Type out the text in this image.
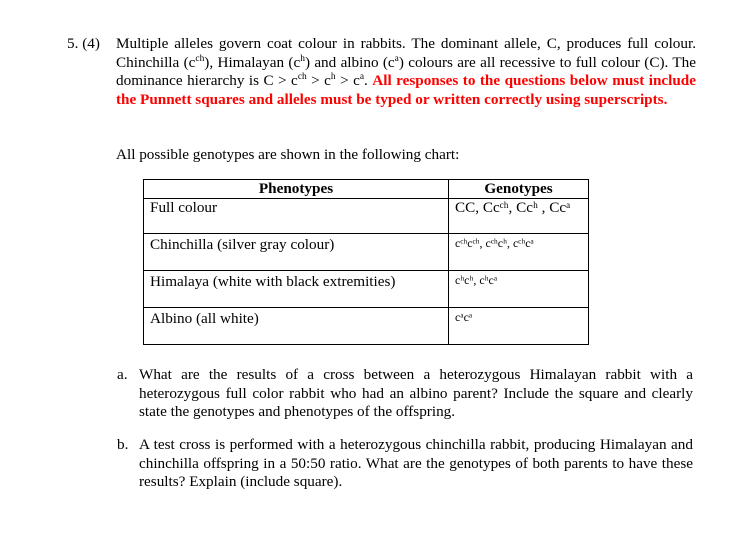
5. (4) Multiple alleles govern coat colour in rabbits. The dominant allele, C, produces full colour. Chinchilla $(c^{ch})$, Himalayan $(c^h)$ and albino $(c^a)$ colours are all recessive to full colour (C). The dominance hierarchy is $C > c^{ch} > c^h > c^a$. All responses to the questions below must include the Punnett squares and alleles must be typed or written correctly using superscripts.
All possible genotypes are shown in the following chart:
Phenotypes	Genotypes
Full colour	CC, Ccᶜʰ, Ccʰ , Ccᵃ
Chinchilla (silver gray colour)	cᶜʰcᶜʰ, cᶜʰcʰ, cᶜʰcᵃ
Himalaya (white with black extremities)	cʰcʰ, cʰcᵃ
Albino (all white)	cᵃcᵃ
a. What are the results of a cross between a heterozygous Himalayan rabbit with a heterozygous full color rabbit who had an albino parent? Include the square and clearly state the genotypes and phenotypes of the offspring.
b. A test cross is performed with a heterozygous chinchilla rabbit, producing Himalayan and chinchilla offspring in a 50:50 ratio. What are the genotypes of both parents to have these results? Explain (include square).
